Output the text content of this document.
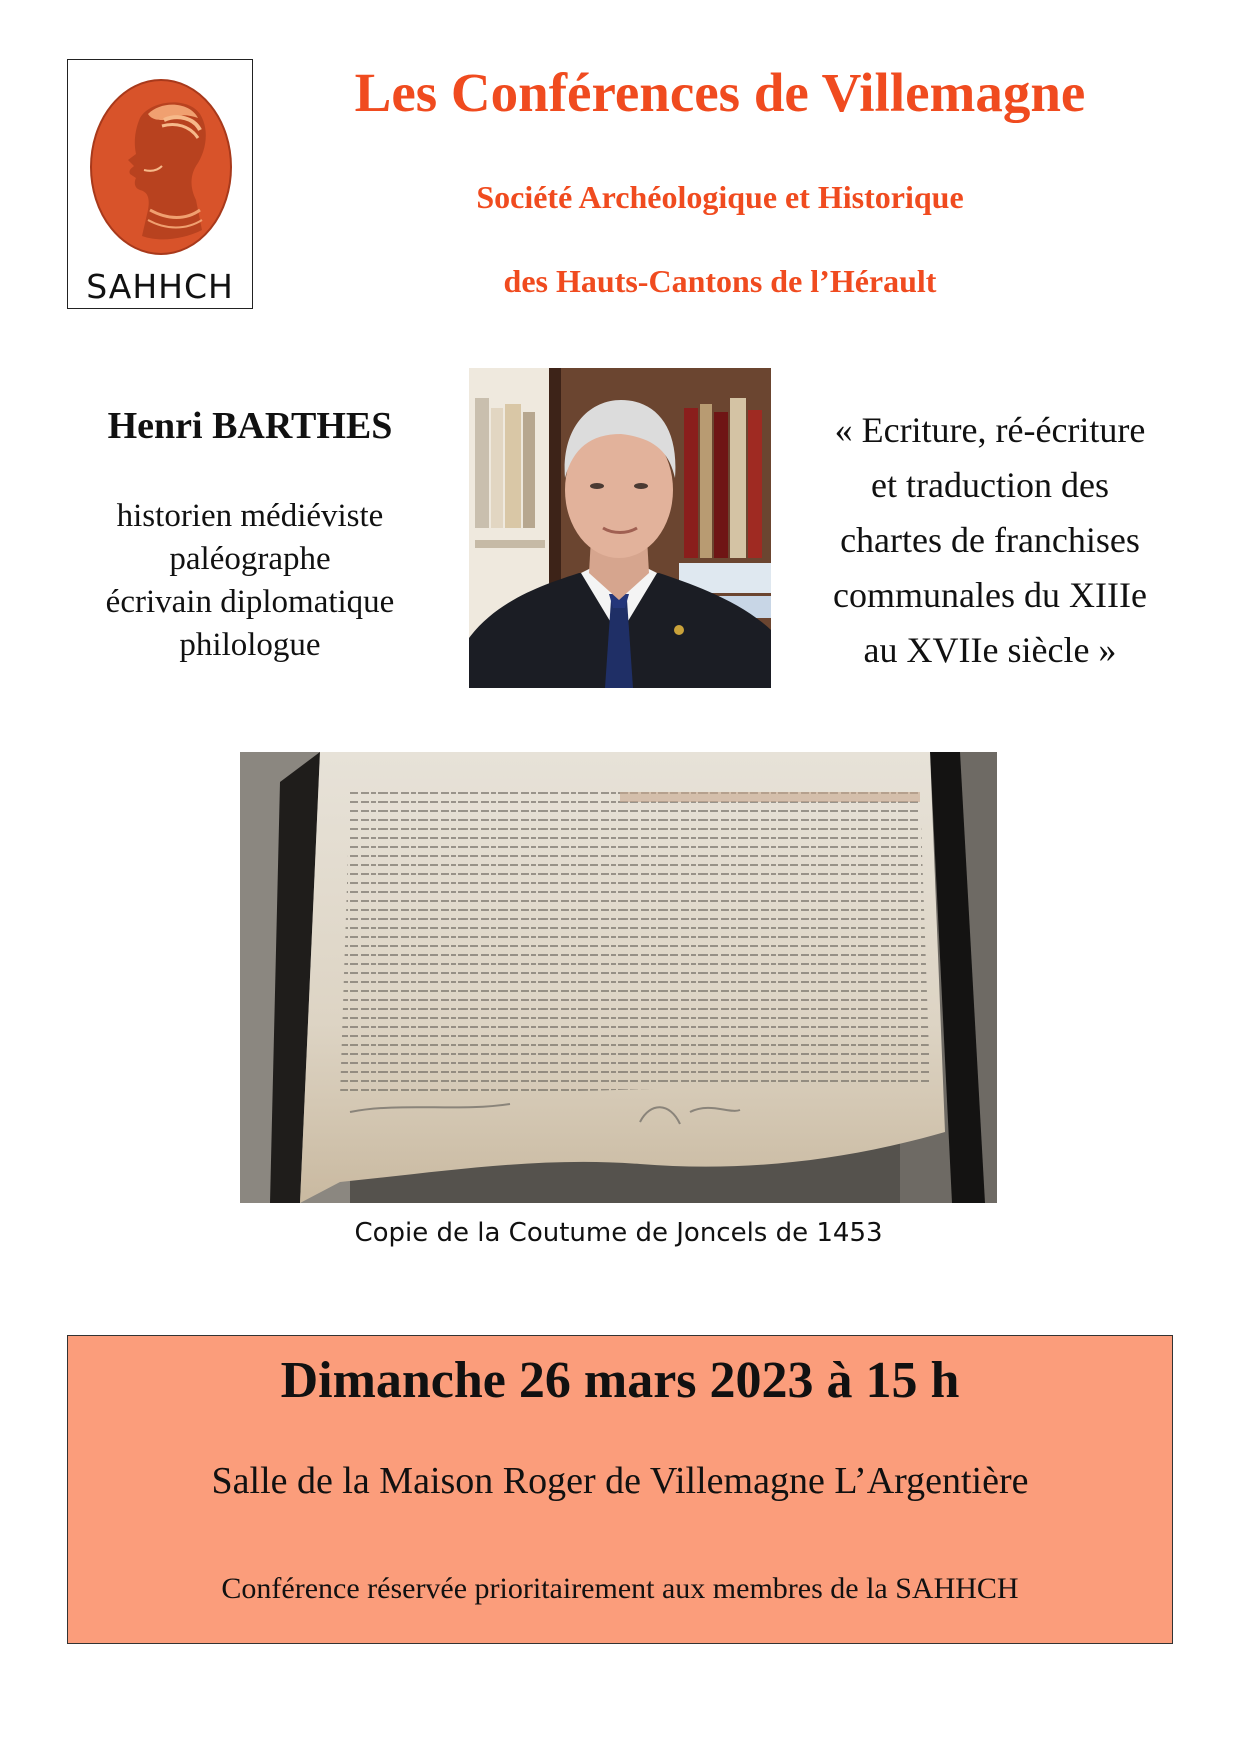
SAHHCH
Les Conférences de Villemagne
Société Archéologique et Historique
des Hauts-Cantons de l’Hérault
Henri BARTHES
historien médiéviste
paléographe
écrivain diplomatique
philologue
« Ecriture, ré-écriture
et traduction des
chartes de franchises
communales du XIIIe
au XVIIe siècle »
Copie de la Coutume de Joncels de 1453
Dimanche 26 mars 2023 à 15 h
Salle de la Maison Roger de Villemagne L’Argentière
Conférence réservée prioritairement aux membres de la SAHHCH
